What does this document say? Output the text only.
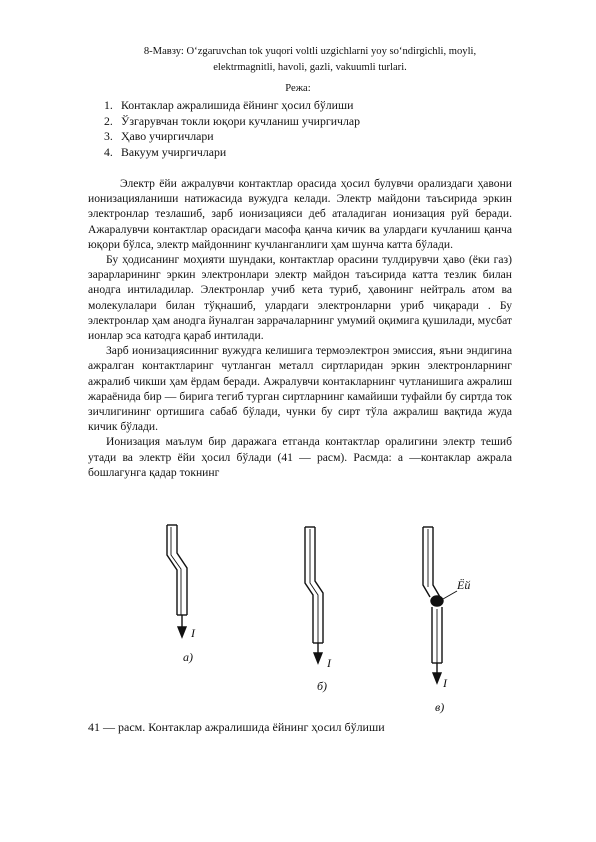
8-Мавзу: O‘zgaruvchan tok yuqori voltli uzgichlarni yoy so‘ndirgichli, moyli,
elektrmagnitli, havoli, gazli, vakuumli turlari.
Режа:
1. Контаклар ажралишида ёйнинг ҳосил бўлиши
2. Ўзгарувчан токли юқори кучланиш учиргичлар
3. Ҳаво учиргичлари
4. Вакуум учиргичлари

Электр ёйи ажралувчи контактлар орасида ҳосил булувчи орализдаги ҳавони ионизацияланиши натижасида вужудга келади. Электр майдони таъсирида эркин электронлар тезлашиб, зарб ионизацияси деб аталадиган ионизация руй беради. Ажаралувчи контактлар орасидаги масофа қанча кичик ва улардаги кучланиш қанча юқори бўлса, электр майдоннинг кучланганлиги ҳам шунча катта бўлади.

Бу ҳодисанинг моҳияти шундаки, контактлар орасини тулдирувчи ҳаво (ёки газ) зарарларининг эркин электронлари электр майдон таъсирида катта тезлик билан анодга интиладилар. Электронлар учиб кета туриб, ҳавонинг нейтраль атом ва молекулалари билан тўқнашиб, улардаги электронларни уриб чиқаради . Бу электронлар ҳам анодга йуналган заррачаларнинг умумий оқимига қушилади, мусбат ионлар эса катодга қараб интилади.

Зарб ионизациясинниг вужудга келишига термоэлектрон эмиссия, яъни эндигина ажралган контактларинг чутланган металл сиртларидан эркин электронларнинг ажралиб чикши ҳам ёрдам беради. Ажралувчи контакларнинг чутланишига ажралиш жараёнида бир — бирига тегиб турган сиртларнинг камайиши туфайли бу сиртда ток зичлигининг ортишига сабаб бўлади, чунки бу сирт тўла ажралиш вақтида жуда кичик бўлади.

Ионизация маълум бир даражага етганда контактлар оралигини электр тешиб утади ва электр ёйи ҳосил бўлади (41 — расм). Расмда: а —контаклар ажрала бошлагунга қадар токнинг

I
a)	I
б)	I
Ёй
в)
41 — расм. Контаклар ажралишида ёйнинг ҳосил бўлиши
